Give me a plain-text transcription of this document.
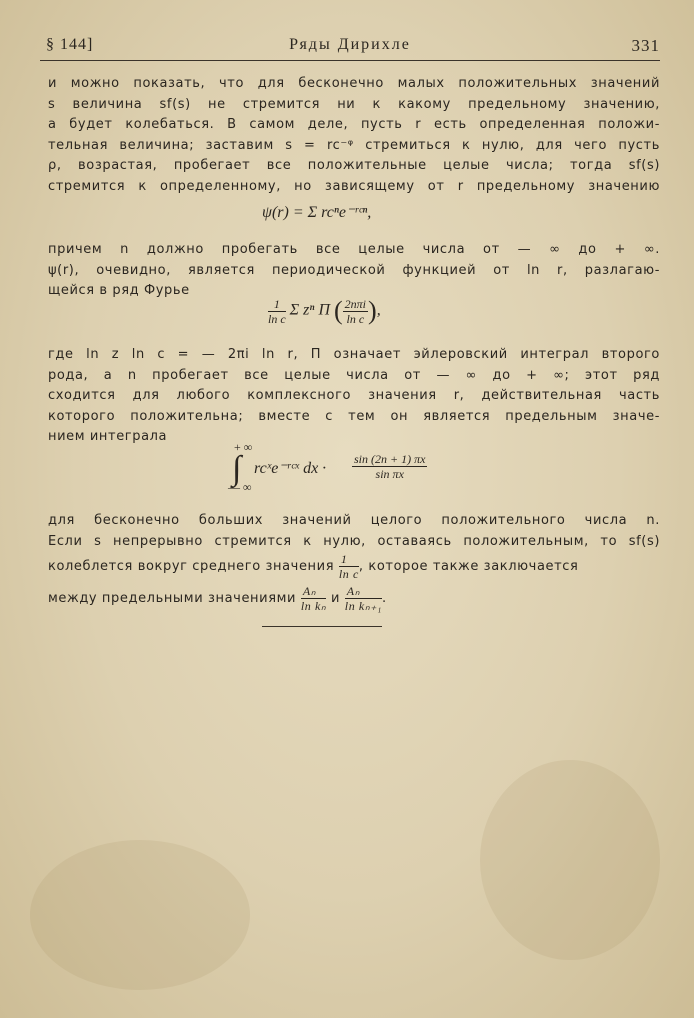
§ 144]	Ряды Дирихле	331
и можно показать, что для бесконечно малых положительных значений
s величина sf(s) не стремится ни к какому предельному значению,
а будет колебаться. В самом деле, пусть r есть определенная положи-
тельная величина; заставим s = rc⁻ᵠ стремиться к нулю, для чего пусть
ρ, возрастая, пробегает все положительные целые числа; тогда sf(s)
стремится к определенному, но зависящему от r предельному значению
ψ(r) = Σ rcⁿe⁻ʳᶜⁿ,
причем n должно пробегать все целые числа от — ∞ до + ∞.
ψ(r), очевидно, является периодической функцией от ln r, разлагаю-
щейся в ряд Фурье
$\frac{1}{\text{ln c}}$ Σ zⁿ Π ( $\frac{\text{2nπi}}{\text{ln c}}$ ),
где ln z ln c = — 2πi ln r, Π означает эйлеровский интеграл второго
рода, а n пробегает все целые числа от — ∞ до + ∞; этот ряд
сходится для любого комплексного значения r, действительная часть
которого положительна; вместе с тем он является предельным значе-
нием интеграла
+ ∞
∫
— ∞
rcˣe⁻ʳᶜˣ dx · $\frac{\sin (2n + 1) \pi x}{\text{sin πx}}$
для бесконечно больших значений целого положительного числа n.
Если s непрерывно стремится к нулю, оставаясь положительным, то sf(s)
колеблется вокруг среднего значения $\frac{1}{\text{ln c}}$ , которое также заключается
между предельными значениями $\frac{\text{Aₙ}}{\text{ln kₙ}}$ и $\frac{\text{Aₙ}}{\text{ln kₙ₊₁}}$ .
